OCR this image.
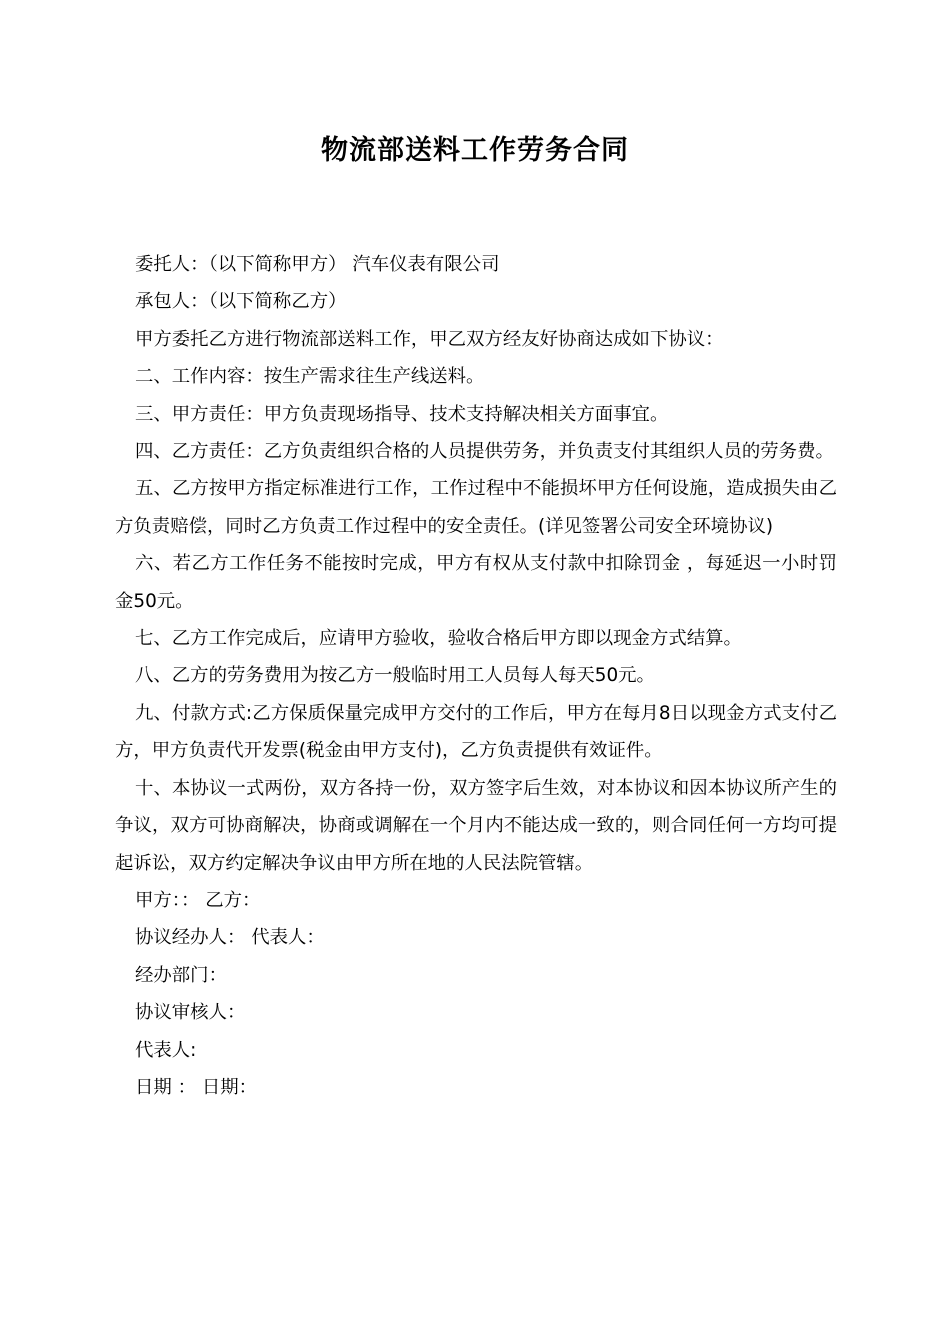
物流部送料工作劳务合同

委托人：（以下简称甲方） 汽车仪表有限公司

承包人：（以下简称乙方）

甲方委托乙方进行物流部送料工作，甲乙双方经友好协商达成如下协议：

二、工作内容：按生产需求往生产线送料。

三、甲方责任：甲方负责现场指导、技术支持解决相关方面事宜。

四、乙方责任：乙方负责组织合格的人员提供劳务，并负责支付其组织人员的劳务费。

五、乙方按甲方指定标准进行工作，工作过程中不能损坏甲方任何设施，造成损失由乙方负责赔偿，同时乙方负责工作过程中的安全责任。(详见签署公司安全环境协议)

六、若乙方工作任务不能按时完成，甲方有权从支付款中扣除罚金 ，每延迟一小时罚金50元。

七、乙方工作完成后，应请甲方验收，验收合格后甲方即以现金方式结算。

八、乙方的劳务费用为按乙方一般临时用工人员每人每天50元。

九、付款方式:乙方保质保量完成甲方交付的工作后，甲方在每月8日以现金方式支付乙方，甲方负责代开发票(税金由甲方支付)，乙方负责提供有效证件。

十、本协议一式两份，双方各持一份，双方签字后生效，对本协议和因本协议所产生的争议，双方可协商解决，协商或调解在一个月内不能达成一致的，则合同任何一方均可提起诉讼，双方约定解决争议由甲方所在地的人民法院管辖。

甲方：： 乙方：

协议经办人： 代表人：

经办部门：

协议审核人：

代表人:

日期 ： 日期：
